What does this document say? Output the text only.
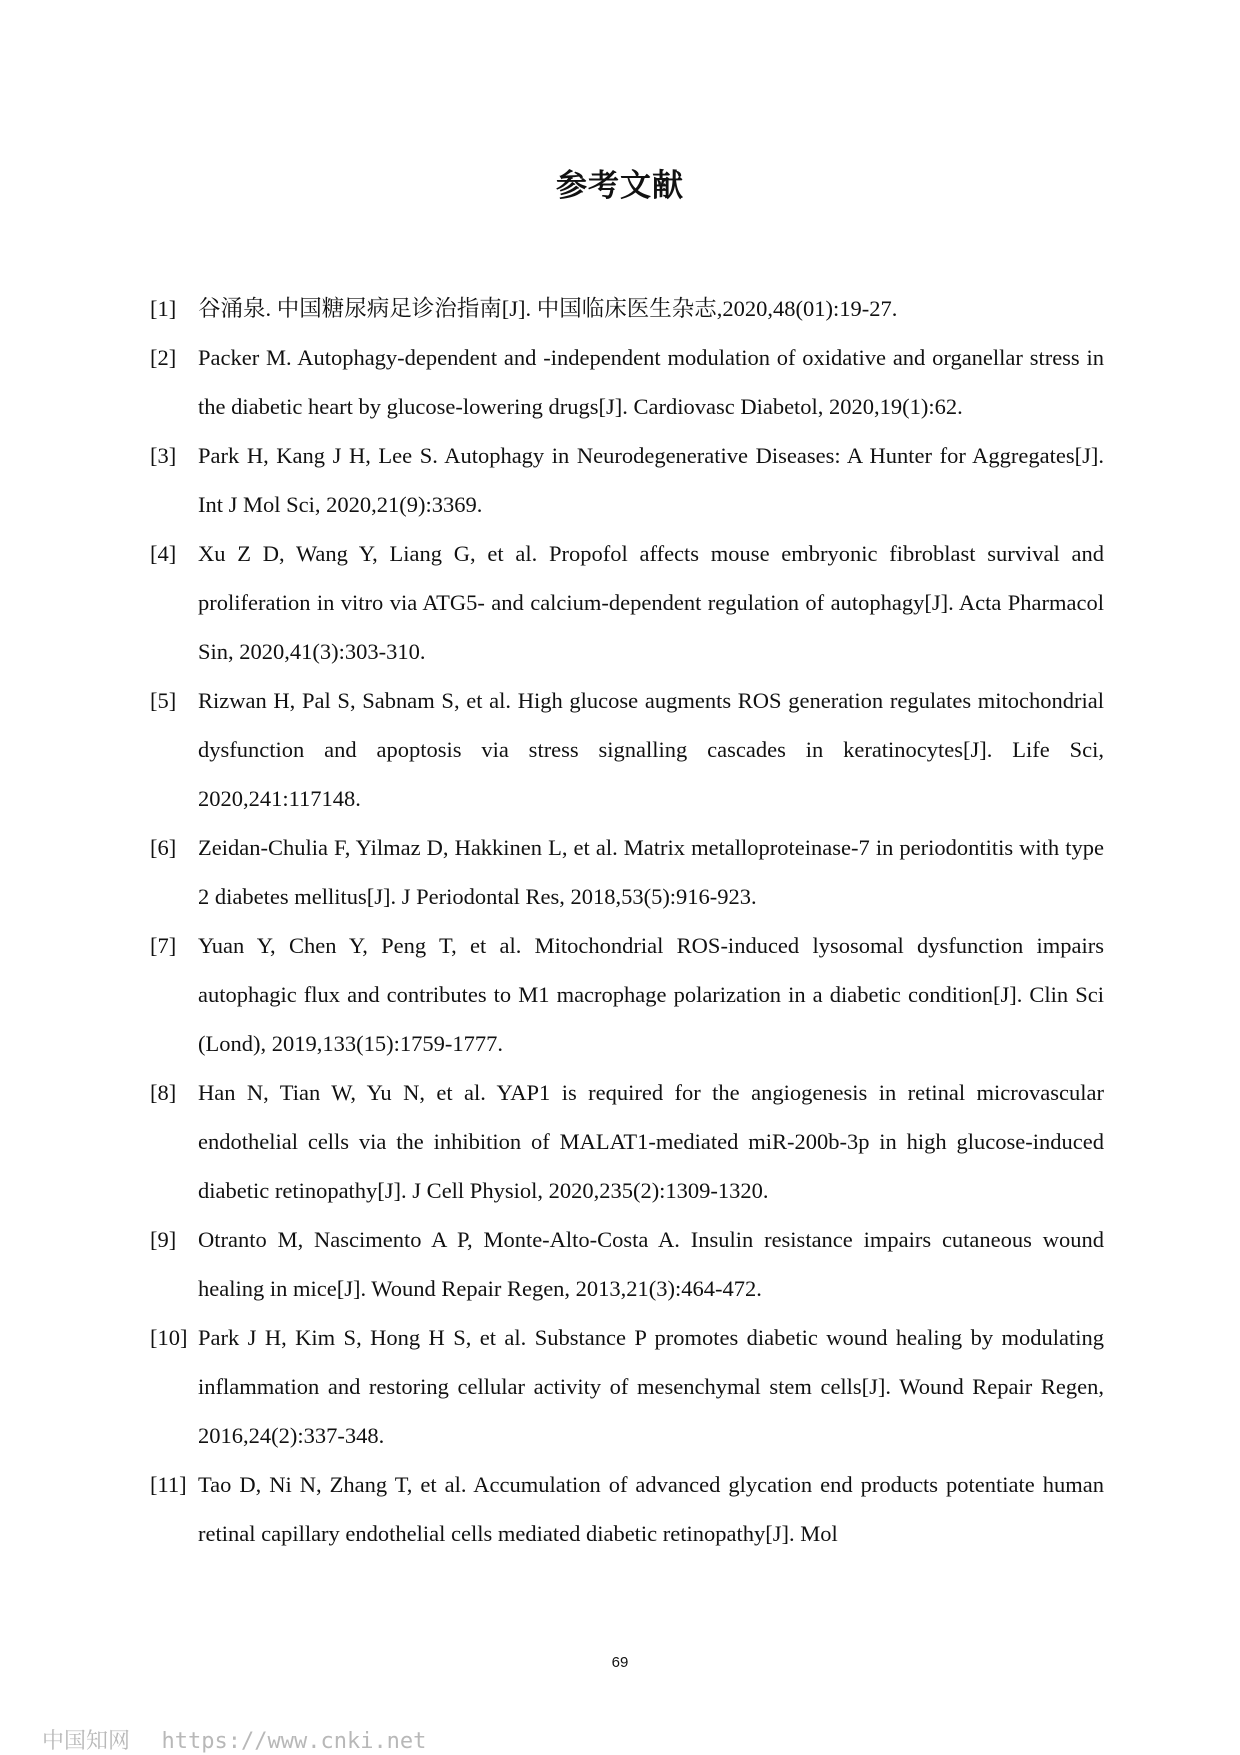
参考文献
[1] 谷涌泉. 中国糖尿病足诊治指南[J]. 中国临床医生杂志,2020,48(01):19-27.
[2] Packer M. Autophagy-dependent and -independent modulation of oxidative and organellar stress in the diabetic heart by glucose-lowering drugs[J]. Cardiovasc Diabetol, 2020,19(1):62.
[3] Park H, Kang J H, Lee S. Autophagy in Neurodegenerative Diseases: A Hunter for Aggregates[J]. Int J Mol Sci, 2020,21(9):3369.
[4] Xu Z D, Wang Y, Liang G, et al. Propofol affects mouse embryonic fibroblast survival and proliferation in vitro via ATG5- and calcium-dependent regulation of autophagy[J]. Acta Pharmacol Sin, 2020,41(3):303-310.
[5] Rizwan H, Pal S, Sabnam S, et al. High glucose augments ROS generation regulates mitochondrial dysfunction and apoptosis via stress signalling cascades in keratinocytes[J]. Life Sci, 2020,241:117148.
[6] Zeidan-Chulia F, Yilmaz D, Hakkinen L, et al. Matrix metalloproteinase-7 in periodontitis with type 2 diabetes mellitus[J]. J Periodontal Res, 2018,53(5):916-923.
[7] Yuan Y, Chen Y, Peng T, et al. Mitochondrial ROS-induced lysosomal dysfunction impairs autophagic flux and contributes to M1 macrophage polarization in a diabetic condition[J]. Clin Sci (Lond), 2019,133(15):1759-1777.
[8] Han N, Tian W, Yu N, et al. YAP1 is required for the angiogenesis in retinal microvascular endothelial cells via the inhibition of MALAT1-mediated miR-200b-3p in high glucose-induced diabetic retinopathy[J]. J Cell Physiol, 2020,235(2):1309-1320.
[9] Otranto M, Nascimento A P, Monte-Alto-Costa A. Insulin resistance impairs cutaneous wound healing in mice[J]. Wound Repair Regen, 2013,21(3):464-472.
[10] Park J H, Kim S, Hong H S, et al. Substance P promotes diabetic wound healing by modulating inflammation and restoring cellular activity of mesenchymal stem cells[J]. Wound Repair Regen, 2016,24(2):337-348.
[11] Tao D, Ni N, Zhang T, et al. Accumulation of advanced glycation end products potentiate human retinal capillary endothelial cells mediated diabetic retinopathy[J]. Mol
69
中国知网 https://www.cnki.net
